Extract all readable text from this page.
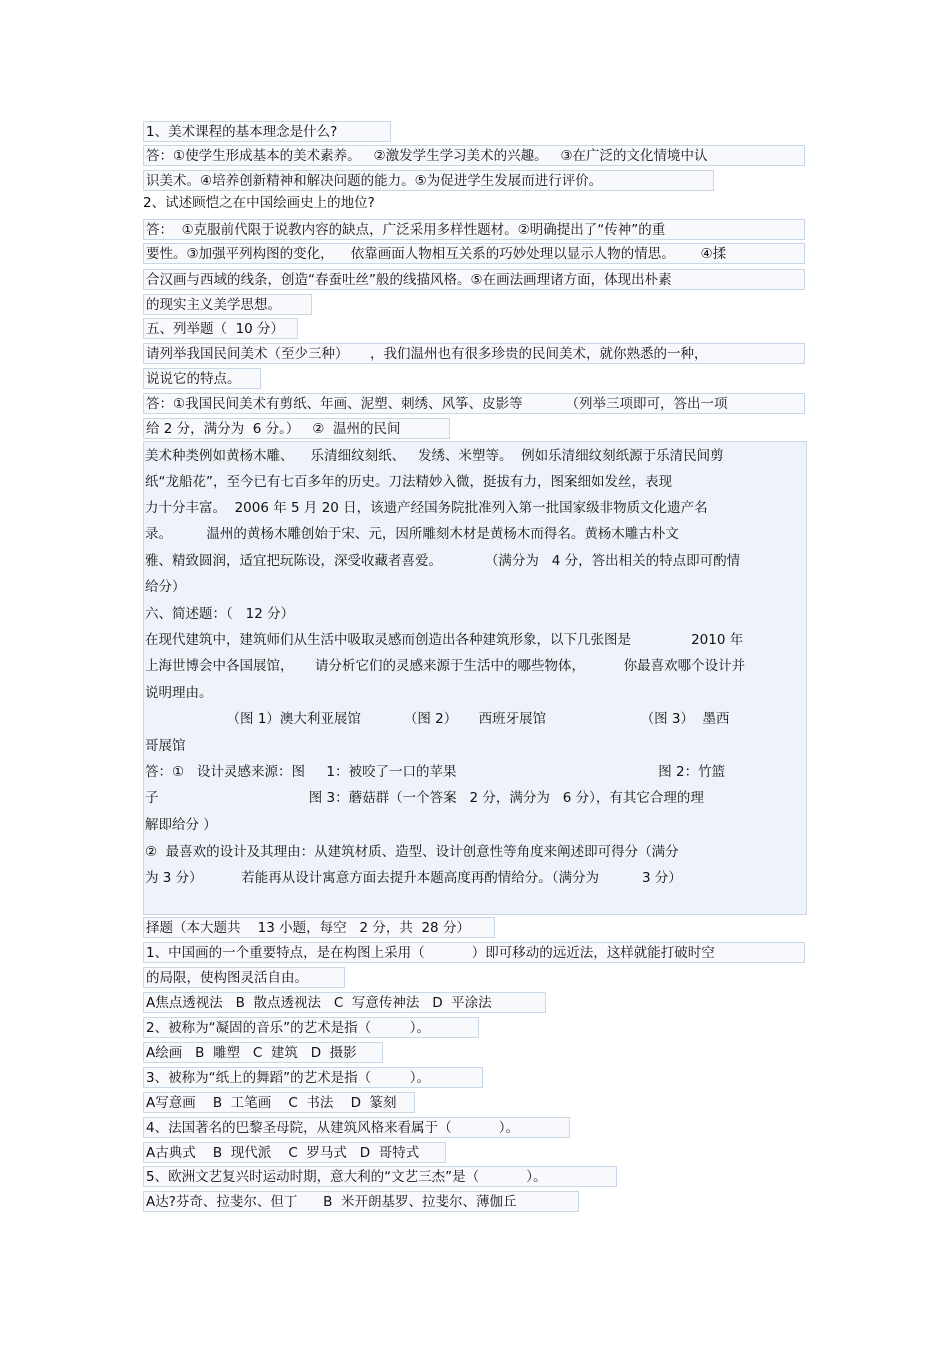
1、美术课程的基本理念是什么?
答：①使学生形成基本的美术素养。   ②激发学生学习美术的兴趣。   ③在广泛的文化情境中认
识美术。④培养创新精神和解决问题的能力。⑤为促进学生发展而进行评价。
2、试述顾恺之在中国绘画史上的地位?
答：  ①克服前代限于说教内容的缺点，广泛采用多样性题材。②明确提出了“传神”的重
要性。③加强平列构图的变化，    依靠画面人物相互关系的巧妙处理以显示人物的情思。      ④揉
合汉画与西域的线条，创造“春蚕吐丝”般的线描风格。⑤在画法画理诸方面，体现出朴素
的现实主义美学思想。
五、列举题（  10 分）
请列举我国民间美术（至少三种）     ，我们温州也有很多珍贵的民间美术，就你熟悉的一种，
说说它的特点。
答：①我国民间美术有剪纸、年画、泥塑、刺绣、风筝、皮影等          （列举三项即可，答出一项
给 2 分，满分为  6 分。）   ②  温州的民间
美术种类例如黄杨木雕、    乐清细纹刻纸、   发绣、米塑等。  例如乐清细纹刻纸源于乐清民间剪
纸“龙船花”，至今已有七百多年的历史。刀法精妙入微，挺拔有力，图案细如发丝，表现
力十分丰富。  2006 年 5 月 20 日，该遗产经国务院批准列入第一批国家级非物质文化遗产名
录。        温州的黄杨木雕创始于宋、元，因所雕刻木材是黄杨木而得名。黄杨木雕古朴文
雅、精致圆润，适宜把玩陈设，深受收藏者喜爱。          （满分为   4 分，答出相关的特点即可酌情
给分）
六、简述题：（   12 分）
在现代建筑中，建筑师们从生活中吸取灵感而创造出各种建筑形象，以下几张图是              2010 年
上海世博会中各国展馆，     请分析它们的灵感来源于生活中的哪些物体，         你最喜欢哪个设计并
说明理由。
（图 1）澳大利亚展馆          （图 2）     西班牙展馆                      （图 3）  墨西
哥展馆
答：①   设计灵感来源：图     1：被咬了一口的苹果                                               图 2：竹篮
子                                   图 3：蘑菇群（一个答案   2 分，满分为   6 分），有其它合理的理
解即给分 ）
②  最喜欢的设计及其理由：从建筑材质、造型、设计创意性等角度来阐述即可得分（满分
为 3 分）         若能再从设计寓意方面去提升本题高度再酌情给分。（满分为          3 分）
择题（本大题共    13 小题，每空   2 分，共  28 分）
1、中国画的一个重要特点，是在构图上采用（           ）即可移动的远近法，这样就能打破时空
的局限，使构图灵活自由。
A焦点透视法   B  散点透视法   C  写意传神法   D  平涂法
2、被称为“凝固的音乐”的艺术是指（         ）。
A绘画   B  雕塑   C  建筑   D  摄影
3、被称为“纸上的舞蹈”的艺术是指（         ）。
A写意画    B  工笔画    C  书法    D  篆刻
4、法国著名的巴黎圣母院，从建筑风格来看属于（           ）。
A古典式    B  现代派    C  罗马式   D  哥特式
5、欧洲文艺复兴时运动时期，意大利的“文艺三杰”是（           ）。
A达?芬奇、拉斐尔、但丁      B  米开朗基罗、拉斐尔、薄伽丘
